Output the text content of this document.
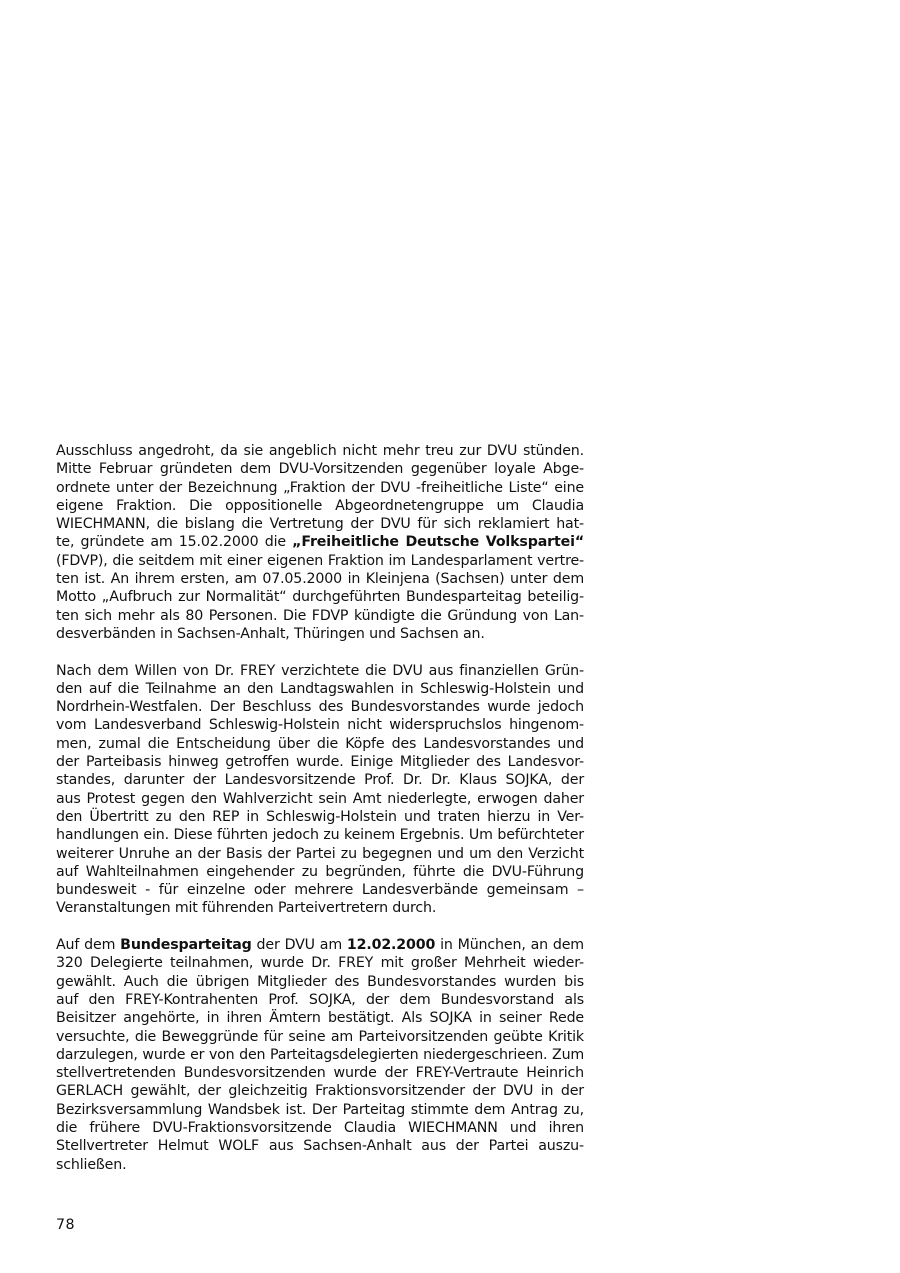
Ausschluss angedroht, da sie angeblich nicht mehr treu zur DVU stünden.
Mitte Februar gründeten dem DVU-Vorsitzenden gegenüber loyale Abge-
ordnete unter der Bezeichnung „Fraktion der DVU -freiheitliche Liste“ eine
eigene Fraktion. Die oppositionelle Abgeordnetengruppe um Claudia
WIECHMANN, die bislang die Vertretung der DVU für sich reklamiert hat-
te, gründete am 15.02.2000 die „Freiheitliche Deutsche Volkspartei“
(FDVP), die seitdem mit einer eigenen Fraktion im Landesparlament vertre-
ten ist. An ihrem ersten, am 07.05.2000 in Kleinjena (Sachsen) unter dem
Motto „Aufbruch zur Normalität“ durchgeführten Bundesparteitag beteilig-
ten sich mehr als 80 Personen. Die FDVP kündigte die Gründung von Lan-
desverbänden in Sachsen-Anhalt, Thüringen und Sachsen an.
Nach dem Willen von Dr. FREY verzichtete die DVU aus finanziellen Grün-
den auf die Teilnahme an den Landtagswahlen in Schleswig-Holstein und
Nordrhein-Westfalen. Der Beschluss des Bundesvorstandes wurde jedoch
vom Landesverband Schleswig-Holstein nicht widerspruchslos hingenom-
men, zumal die Entscheidung über die Köpfe des Landesvorstandes und
der Parteibasis hinweg getroffen wurde. Einige Mitglieder des Landesvor-
standes, darunter der Landesvorsitzende Prof. Dr. Dr. Klaus SOJKA, der
aus Protest gegen den Wahlverzicht sein Amt niederlegte, erwogen daher
den Übertritt zu den REP in Schleswig-Holstein und traten hierzu in Ver-
handlungen ein. Diese führten jedoch zu keinem Ergebnis. Um befürchteter
weiterer Unruhe an der Basis der Partei zu begegnen und um den Verzicht
auf Wahlteilnahmen eingehender zu begründen, führte die DVU-Führung
bundesweit - für einzelne oder mehrere Landesverbände gemeinsam –
Veranstaltungen mit führenden Parteivertretern durch.
Auf dem Bundesparteitag der DVU am 12.02.2000 in München, an dem
320 Delegierte teilnahmen, wurde Dr. FREY mit großer Mehrheit wieder-
gewählt. Auch die übrigen Mitglieder des Bundesvorstandes wurden bis
auf den FREY-Kontrahenten Prof. SOJKA, der dem Bundesvorstand als
Beisitzer angehörte, in ihren Ämtern bestätigt. Als SOJKA in seiner Rede
versuchte, die Beweggründe für seine am Parteivorsitzenden geübte Kritik
darzulegen, wurde er von den Parteitagsdelegierten niedergeschrieen. Zum
stellvertretenden Bundesvorsitzenden wurde der FREY-Vertraute Heinrich
GERLACH gewählt, der gleichzeitig Fraktionsvorsitzender der DVU in der
Bezirksversammlung Wandsbek ist. Der Parteitag stimmte dem Antrag zu,
die frühere DVU-Fraktionsvorsitzende Claudia WIECHMANN und ihren
Stellvertreter Helmut WOLF aus Sachsen-Anhalt aus der Partei auszu-
schließen.
78
